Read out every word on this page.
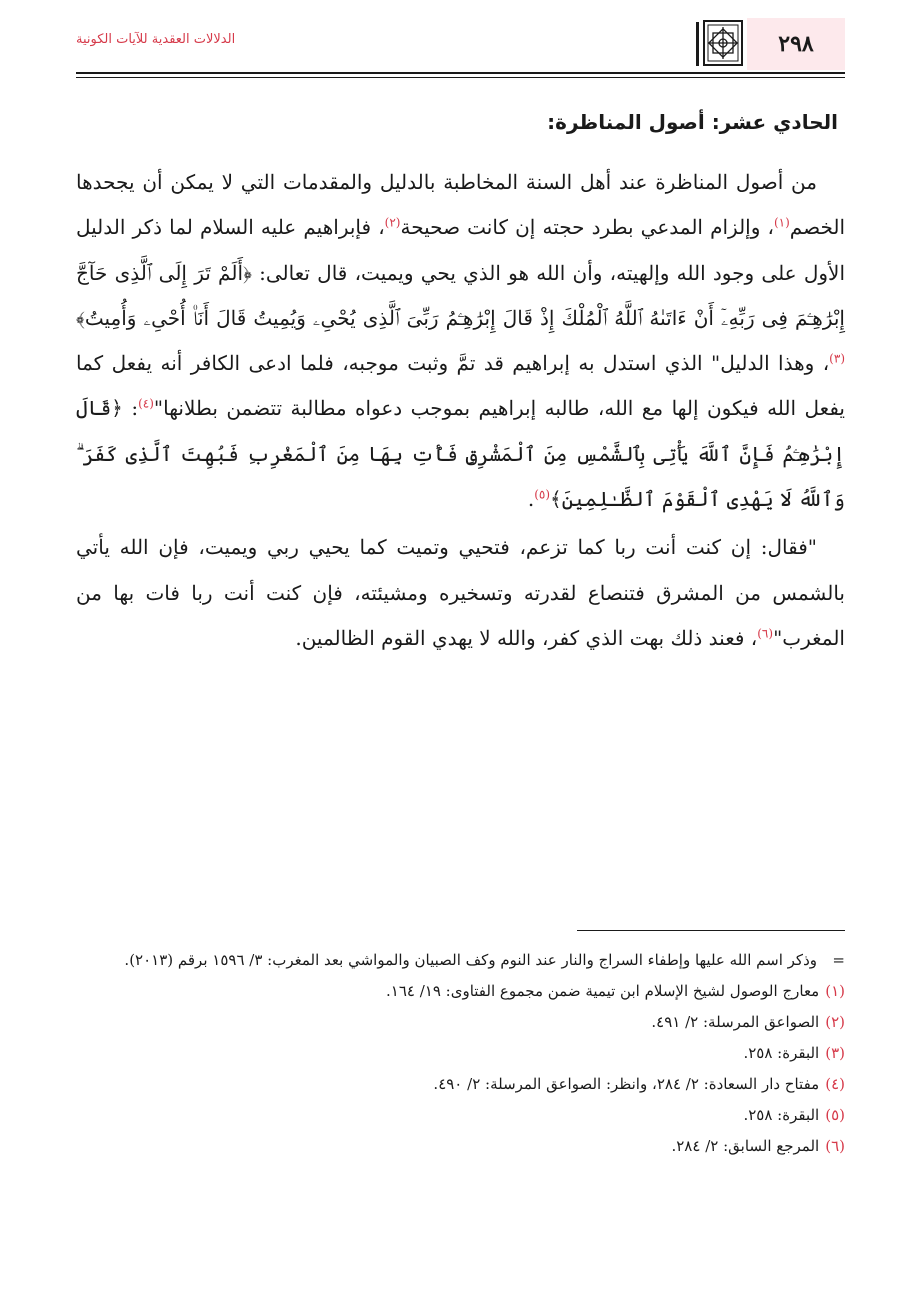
٢٩٨
الدلالات العقدية للآيات الكونية
الحادي عشر: أصول المناظرة:

من أصول المناظرة عند أهل السنة المخاطبة بالدليل والمقدمات التي لا يمكن أن يجحدها الخصم$^{(١)}$، وإلزام المدعي بطرد حجته إن كانت صحيحة$^{(٢)}$، فإبراهيم عليه السلام لما ذكر الدليل الأول على وجود الله وإلهيته، وأن الله هو الذي يحي ويميت، قال تعالى: ﴿أَلَمْ تَرَ إِلَى ٱلَّذِى حَآجَّ إِبْرَٰهِـۧمَ فِى رَبِّهِۦٓ أَنْ ءَاتَىٰهُ ٱللَّهُ ٱلْمُلْكَ إِذْ قَالَ إِبْرَٰهِـۧمُ رَبِّىَ ٱلَّذِى يُحْىِۦ وَيُمِيتُ قَالَ أَنَا۠ أُحْىِۦ وَأُمِيتُ﴾$^{(٣)}$، وهذا الدليل" الذي استدل به إبراهيم قد تمَّ وثبت موجبه، فلما ادعى الكافر أنه يفعل كما يفعل الله فيكون إلها مع الله، طالبه إبراهيم بموجب دعواه مطالبة تتضمن بطلانها"$^{(٤)}$: ﴿قَالَ إِبْرَٰهِـۧمُ فَإِنَّ ٱللَّهَ يَأْتِى بِٱلشَّمْسِ مِنَ ٱلْمَشْرِقِ فَأْتِ بِهَا مِنَ ٱلْمَغْرِبِ فَبُهِتَ ٱلَّذِى كَفَرَ ۗ وَٱللَّهُ لَا يَهْدِى ٱلْقَوْمَ ٱلظَّـٰلِمِينَ﴾$^{(٥)}$.

"فقال: إن كنت أنت ربا كما تزعم، فتحيي وتميت كما يحيي ربي ويميت، فإن الله يأتي بالشمس من المشرق فتنصاع لقدرته وتسخيره ومشيئته، فإن كنت أنت ربا فات بها من المغرب"$^{(٦)}$، فعند ذلك بهت الذي كفر، والله لا يهدي القوم الظالمين.

=
وذكر اسم الله عليها وإطفاء السراج والنار عند النوم وكف الصبيان والمواشي بعد المغرب: ٣/ ١٥٩٦ برقم (٢٠١٣).
(١)
معارج الوصول لشيخ الإسلام ابن تيمية ضمن مجموع الفتاوى: ١٩/ ١٦٤.
(٢)
الصواعق المرسلة: ٢/ ٤٩١.
(٣)
البقرة: ٢٥٨.
(٤)
مفتاح دار السعادة: ٢/ ٢٨٤، وانظر: الصواعق المرسلة: ٢/ ٤٩٠.
(٥)
البقرة: ٢٥٨.
(٦)
المرجع السابق: ٢/ ٢٨٤.
